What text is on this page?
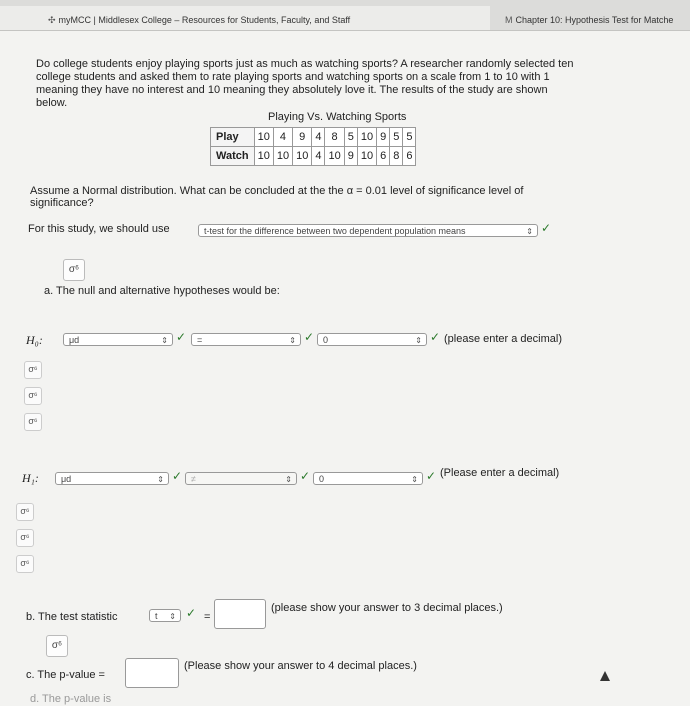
✣ myMCC | Middlesex College – Resources for Students, Faculty, and Staff	M Chapter 10: Hypothesis Test for Matche
Do college students enjoy playing sports just as much as watching sports? A researcher randomly selected ten
college students and asked them to rate playing sports and watching sports on a scale from 1 to 10 with 1
meaning they have no interest and 10 meaning they absolutely love it. The results of the study are shown
below.
Playing Vs. Watching Sports
Play	10	4	9	4	8	5	10	9	5	5
Watch	10	10	10	4	10	9	10	6	8	6
Assume a Normal distribution. What can be concluded at the the α = 0.01 level of significance level of
significance?
For this study, we should use	t-test for the difference between two dependent population means	⇕ ✓
σ⁶
a. The null and alternative hypotheses would be:
H₀:	μd	⇕ ✓	=	⇕ ✓ 0	⇕ ✓ (please enter a decimal)
σ⁶
σ⁶
σ⁶
H₁:	μd	⇕ ✓ ≠	⇕ ✓ 0	⇕ ✓ (Please enter a decimal)
σ⁶
σ⁶
σ⁶
b. The test statistic	t ⇕ ✓ =
(please show your answer to 3 decimal places.)
σ⁶
c. The p-value =
(Please show your answer to 4 decimal places.)
d. The p-value is
